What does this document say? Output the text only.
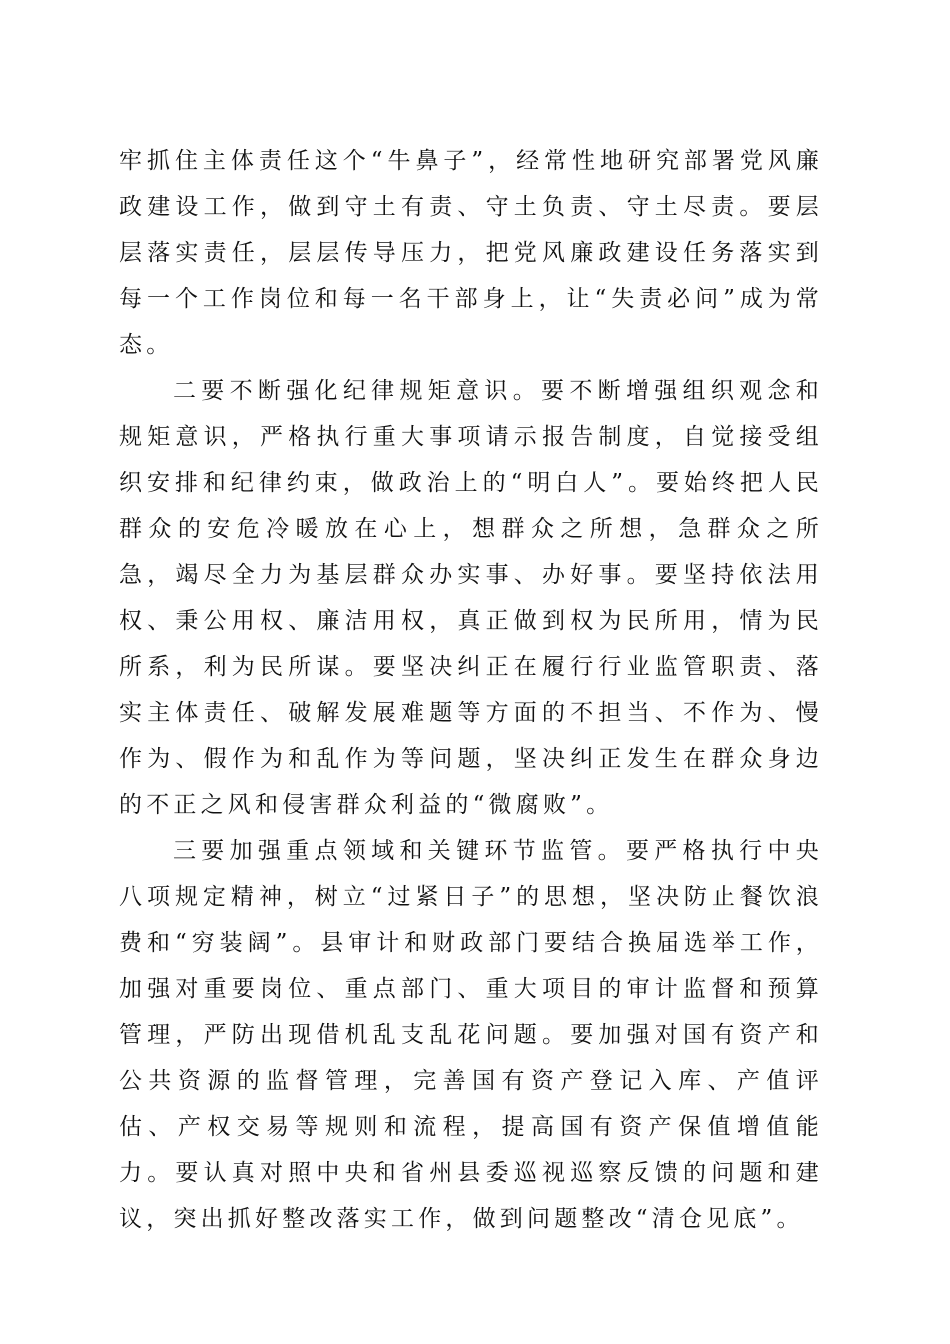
牢抓住主体责任这个“牛鼻子”，经常性地研究部署党风廉政建设工作，做到守土有责、守土负责、守土尽责。要层层落实责任，层层传导压力，把党风廉政建设任务落实到每一个工作岗位和每一名干部身上，让“失责必问”成为常态。

二要不断强化纪律规矩意识。要不断增强组织观念和规矩意识，严格执行重大事项请示报告制度，自觉接受组织安排和纪律约束，做政治上的“明白人”。要始终把人民群众的安危冷暖放在心上，想群众之所想，急群众之所急，竭尽全力为基层群众办实事、办好事。要坚持依法用权、秉公用权、廉洁用权，真正做到权为民所用，情为民所系，利为民所谋。要坚决纠正在履行行业监管职责、落实主体责任、破解发展难题等方面的不担当、不作为、慢作为、假作为和乱作为等问题，坚决纠正发生在群众身边的不正之风和侵害群众利益的“微腐败”。

三要加强重点领域和关键环节监管。要严格执行中央八项规定精神，树立“过紧日子”的思想，坚决防止餐饮浪费和“穷装阔”。县审计和财政部门要结合换届选举工作，加强对重要岗位、重点部门、重大项目的审计监督和预算管理，严防出现借机乱支乱花问题。要加强对国有资产和公共资源的监督管理，完善国有资产登记入库、产值评估、产权交易等规则和流程，提高国有资产保值增值能力。要认真对照中央和省州县委巡视巡察反馈的问题和建议，突出抓好整改落实工作，做到问题整改“清仓见底”。
